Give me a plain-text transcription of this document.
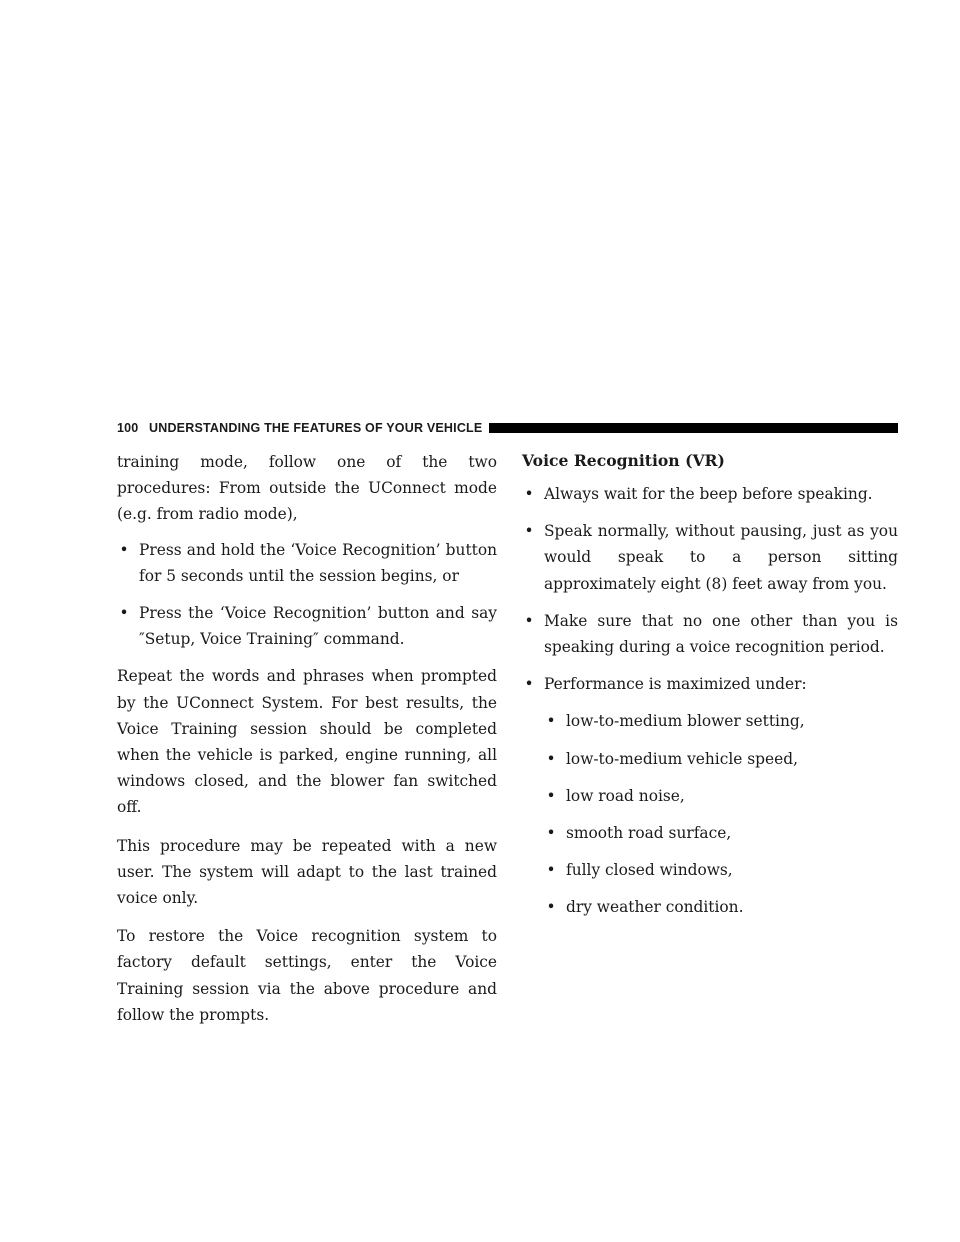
100 UNDERSTANDING THE FEATURES OF YOUR VEHICLE

training mode, follow one of the two procedures: From outside the UConnect mode (e.g. from radio mode),

• Press and hold the ‘Voice Recognition’ button for 5 seconds until the session begins, or
• Press the ‘Voice Recognition’ button and say ″Setup, Voice Training″ command.

Repeat the words and phrases when prompted by the UConnect System. For best results, the Voice Training session should be completed when the vehicle is parked, engine running, all windows closed, and the blower fan switched off.

This procedure may be repeated with a new user. The system will adapt to the last trained voice only.

To restore the Voice recognition system to factory default settings, enter the Voice Training session via the above procedure and follow the prompts.

Voice Recognition (VR)
• Always wait for the beep before speaking.
• Speak normally, without pausing, just as you would speak to a person sitting approximately eight (8) feet away from you.
• Make sure that no one other than you is speaking during a voice recognition period.
• Performance is maximized under:
• low-to-medium blower setting,
• low-to-medium vehicle speed,
• low road noise,
• smooth road surface,
• fully closed windows,
• dry weather condition.
